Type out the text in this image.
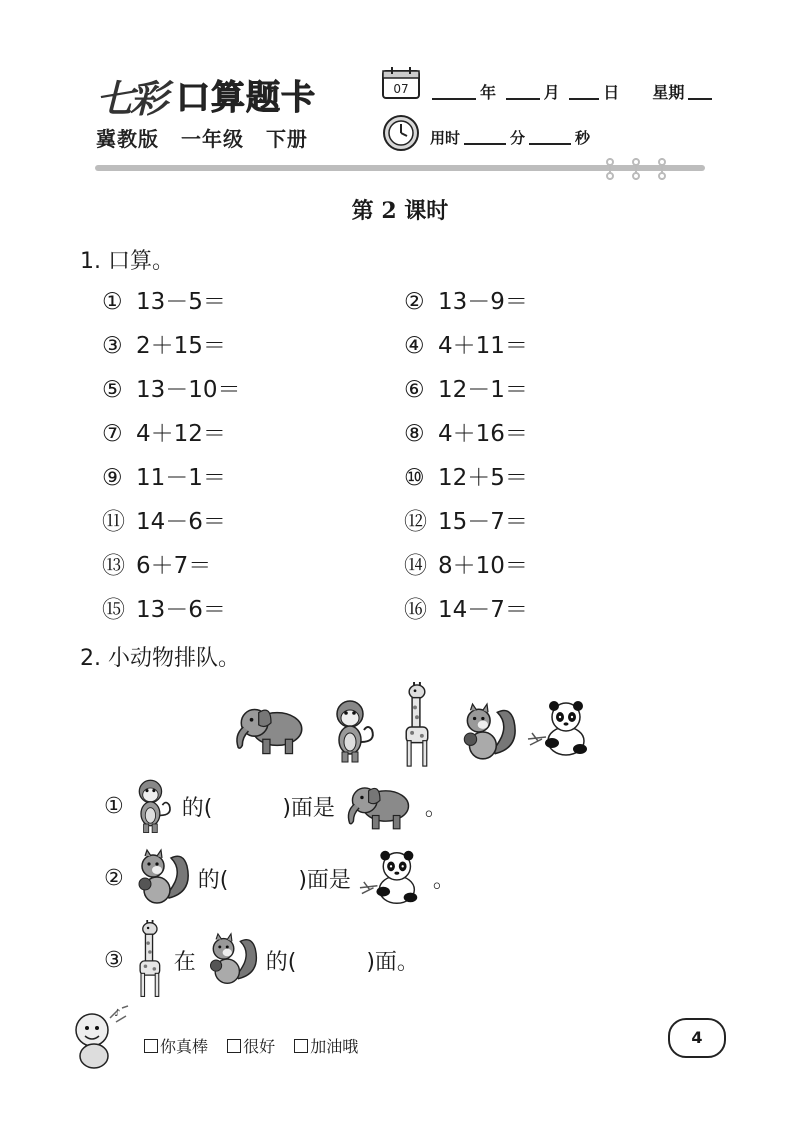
七彩 口算题卡
冀教版 一年级 下册
07	年	月	日 星期
用时	分	秒
第 2 课时
1. 口算。
① 13－5＝	② 13－9＝
③ 2＋15＝	④ 4＋11＝
⑤ 13－10＝	⑥ 12－1＝
⑦ 4＋12＝	⑧ 4＋16＝
⑨ 11－1＝	⑩ 12＋5＝
⑪ 14－6＝	⑫ 15－7＝
⑬ 6＋7＝	⑭ 8＋10＝
⑮ 13－6＝	⑯ 14－7＝
2. 小动物排队。
①	的(	)面是	。
②	的(	)面是	。
③ 在	的(	)面。
♪
你真棒 很好 加油哦	4
